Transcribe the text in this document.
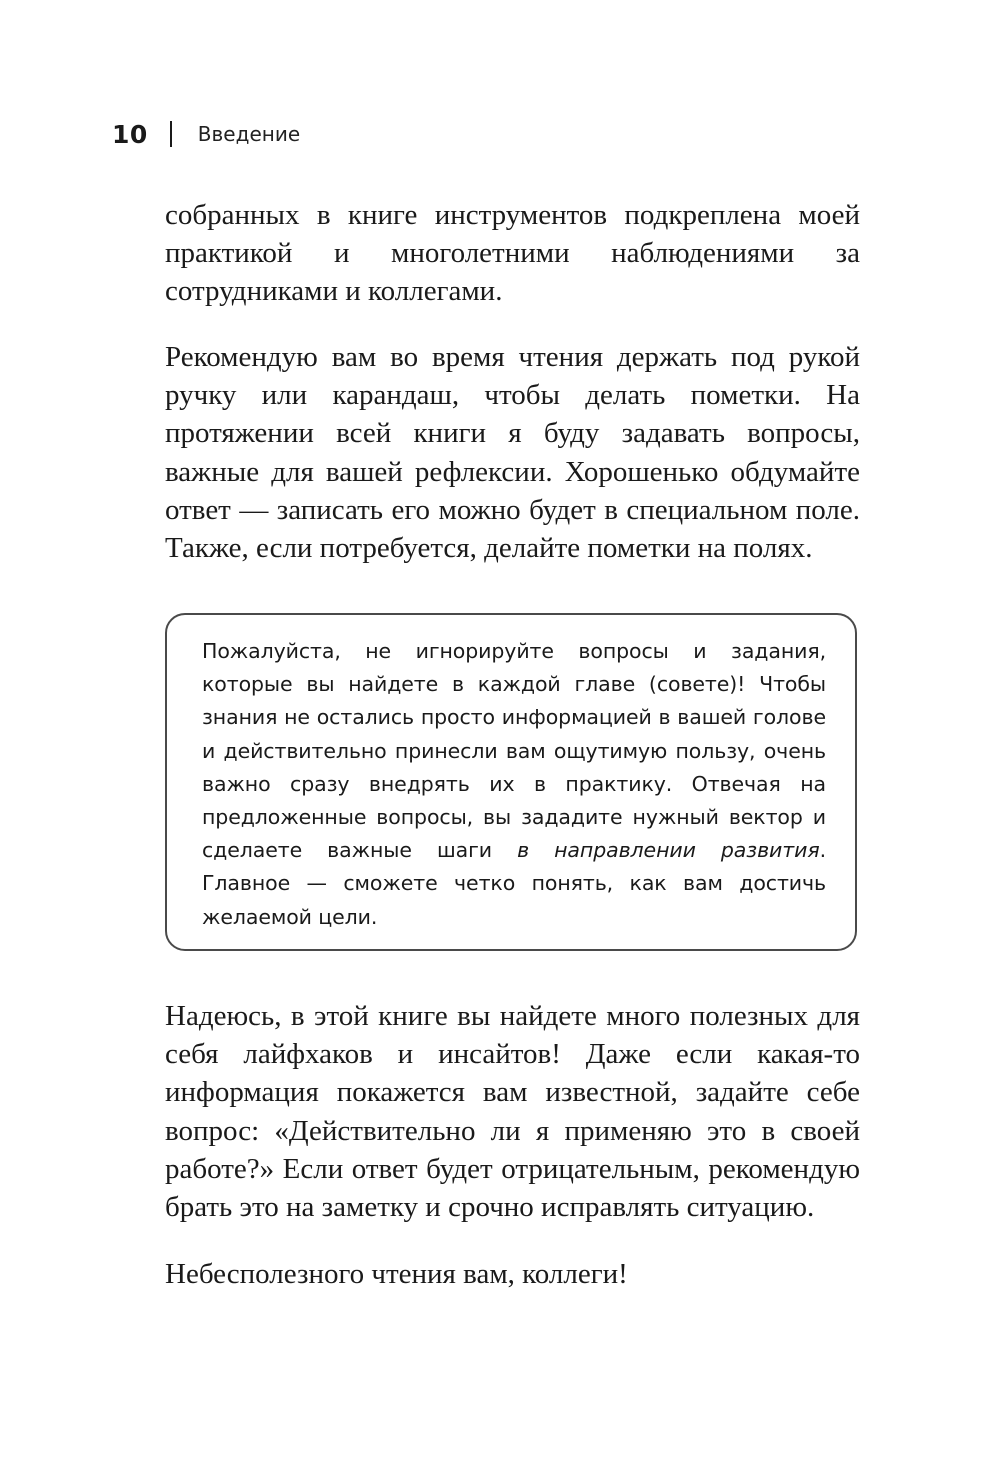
10	Введение

собранных в книге инструментов подкреплена моей практикой и многолетними наблюдениями за сотрудниками и коллегами.

Рекомендую вам во время чтения держать под рукой ручку или карандаш, чтобы делать пометки. На протяжении всей книги я буду задавать вопросы, важные для вашей рефлексии. Хорошенько обдумайте ответ — записать его можно будет в специальном поле. Также, если потребуется, делайте пометки на полях.

Пожалуйста, не игнорируйте вопросы и задания, которые вы найдете в каждой главе (совете)! Чтобы знания не остались просто информацией в вашей голове и действительно принесли вам ощутимую пользу, очень важно сразу внедрять их в практику. Отвечая на предложенные вопросы, вы зададите нужный вектор и сделаете важные шаги в направлении развития. Главное — сможете четко понять, как вам достичь желаемой цели.

Надеюсь, в этой книге вы найдете много полезных для себя лайфхаков и инсайтов! Даже если какая-то информация покажется вам известной, задайте себе вопрос: «Действительно ли я применяю это в своей работе?» Если ответ будет отрицательным, рекомендую брать это на заметку и срочно исправлять ситуацию.

Небесполезного чтения вам, коллеги!
